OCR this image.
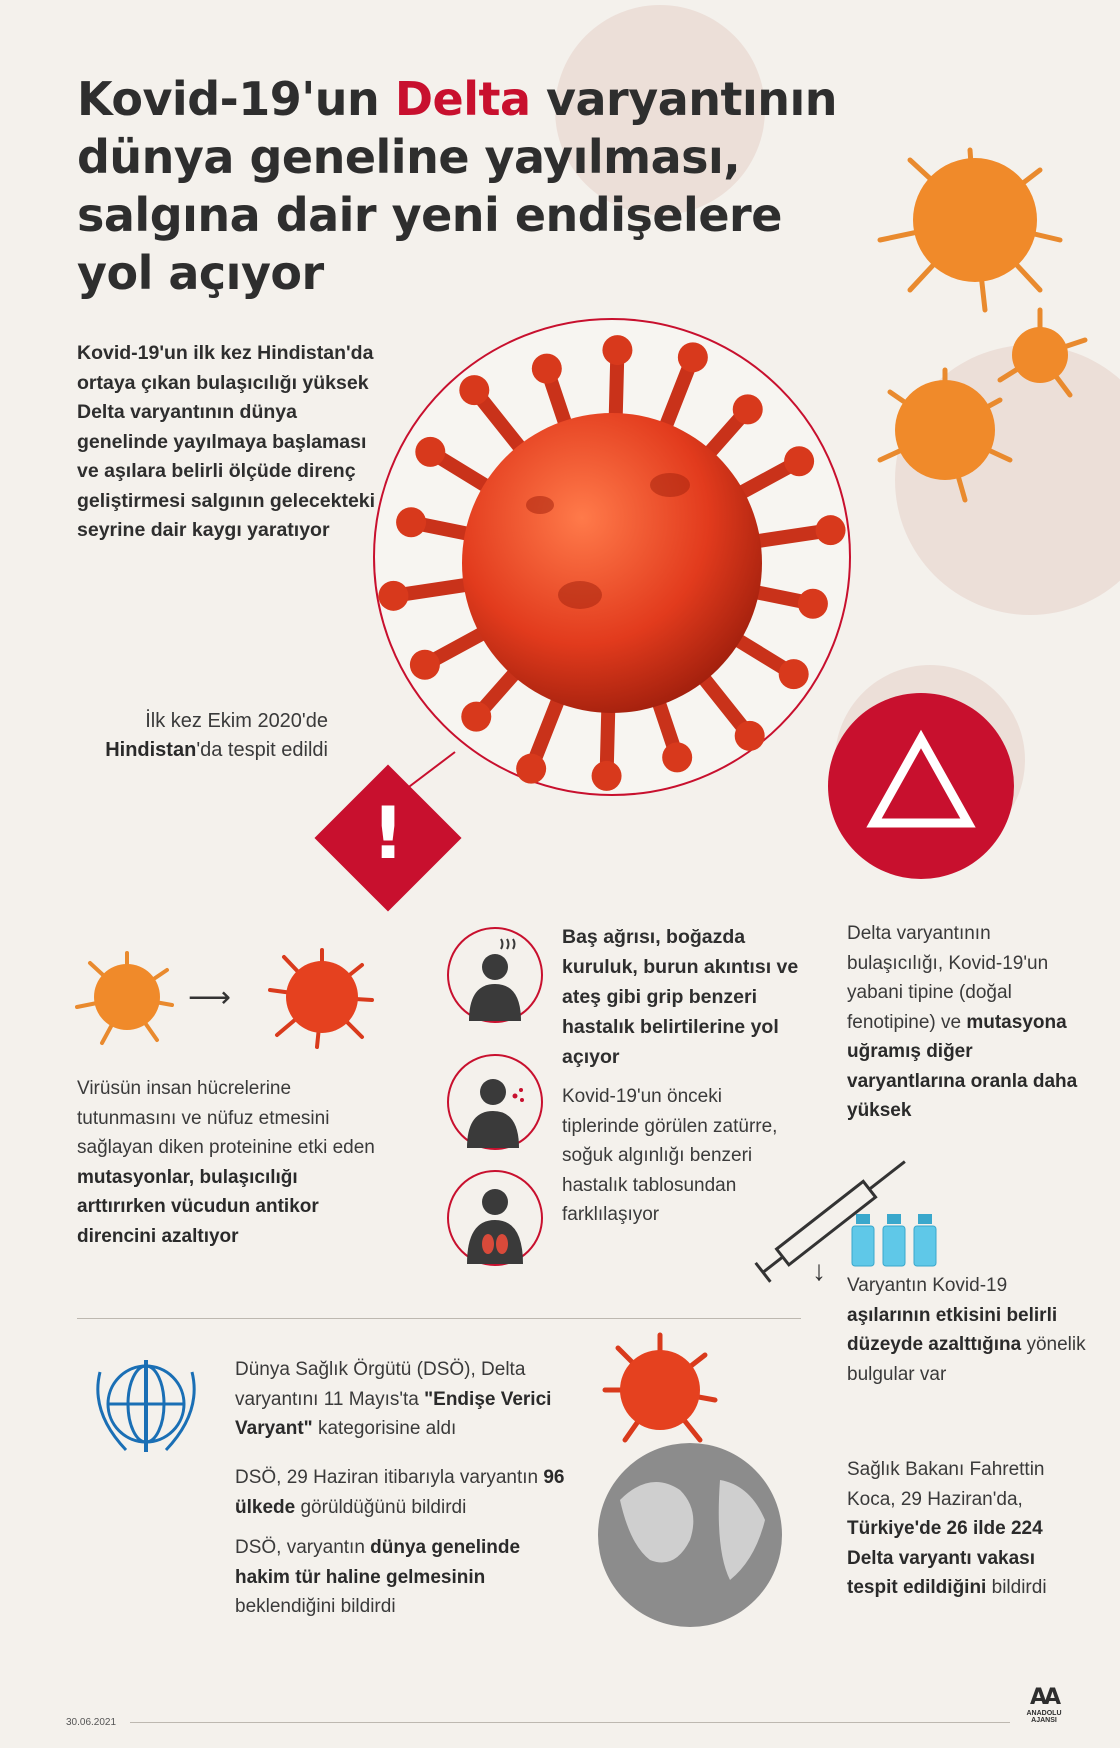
Kovid-19'un Delta varyantının
dünya geneline yayılması,
salgına dair yeni endişelere
yol açıyor
Kovid-19'un ilk kez Hindistan'da ortaya çıkan bulaşıcılığı yüksek Delta varyantının dünya genelinde yayılmaya başlaması ve aşılara belirli ölçüde direnç geliştirmesi salgının gelecekteki seyrine dair kaygı yaratıyor
İlk kez Ekim 2020'de
Hindistan'da tespit edildi
!
⟶
Virüsün insan hücrelerine tutunmasını ve nüfuz etmesini sağlayan diken proteinine etki eden mutasyonlar, bulaşıcılığı arttırırken vücudun antikor direncini azaltıyor
Baş ağrısı, boğazda kuruluk, burun akıntısı ve ateş gibi grip benzeri hastalık belirtilerine yol açıyor
Kovid-19'un önceki tiplerinde görülen zatürre, soğuk algınlığı benzeri hastalık tablosundan farklılaşıyor
Delta varyantının bulaşıcılığı, Kovid-19'un yabani tipine (doğal fenotipine) ve mutasyona uğramış diğer varyantlarına oranla daha yüksek
↓ Varyantın Kovid-19 aşılarının etkisini belirli düzeyde azalttığına yönelik bulgular var
Dünya Sağlık Örgütü (DSÖ), Delta varyantını 11 Mayıs'ta "Endişe Verici Varyant" kategorisine aldı
DSÖ, 29 Haziran itibarıyla varyantın 96 ülkede görüldüğünü bildirdi
DSÖ, varyantın dünya genelinde hakim tür haline gelmesinin beklendiğini bildirdi
Sağlık Bakanı Fahrettin Koca, 29 Haziran'da, Türkiye'de 26 ilde 224 Delta varyantı vakası tespit edildiğini bildirdi
30.06.2021
AA
ANADOLU AJANSI
